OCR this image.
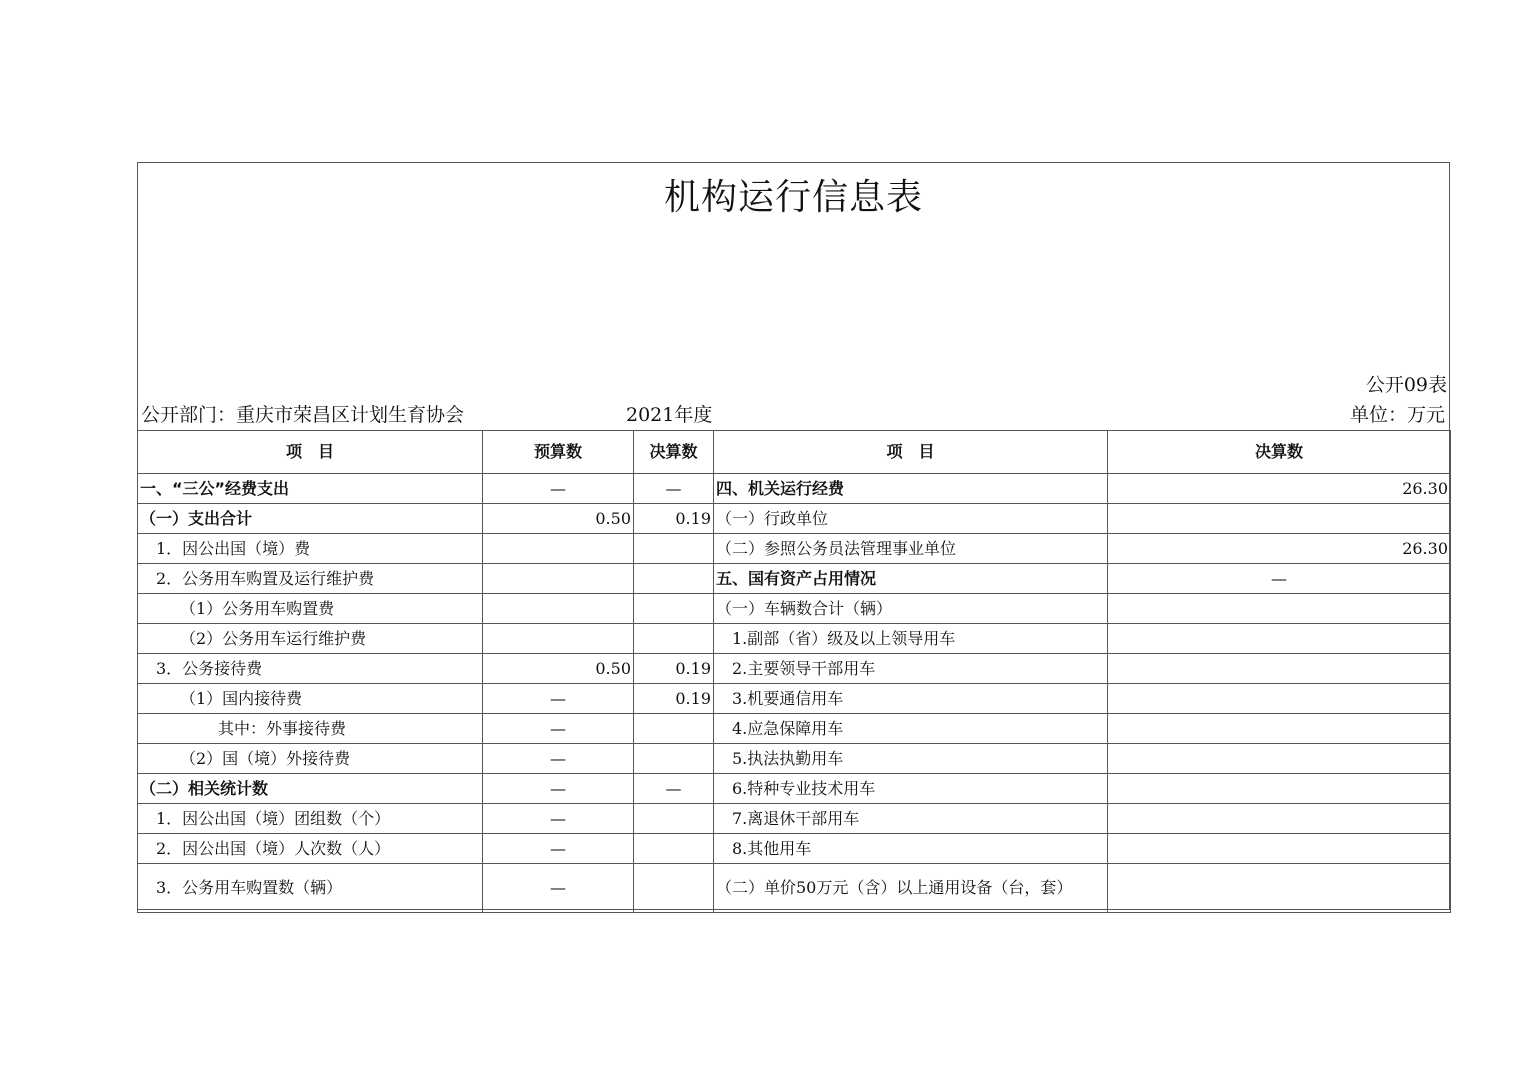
机构运行信息表
公开09表
公开部门：重庆市荣昌区计划生育协会	2021年度	单位：万元
项　目	预算数	决算数	项　目	决算数
一、“三公”经费支出	—	—	四、机关运行经费	26.30
（一）支出合计	0.50	0.19	（一）行政单位	
1．因公出国（境）费			（二）参照公务员法管理事业单位	26.30
2．公务用车购置及运行维护费			五、国有资产占用情况	—
（1）公务用车购置费			（一）车辆数合计（辆）	
（2）公务用车运行维护费			1.副部（省）级及以上领导用车	
3．公务接待费	0.50	0.19	2.主要领导干部用车	
（1）国内接待费	—	0.19	3.机要通信用车	
其中：外事接待费	—		4.应急保障用车	
（2）国（境）外接待费	—		5.执法执勤用车	
（二）相关统计数	—	—	6.特种专业技术用车	
1．因公出国（境）团组数（个）	—		7.离退休干部用车	
2．因公出国（境）人次数（人）	—		8.其他用车	
3．公务用车购置数（辆）	—		（二）单价50万元（含）以上通用设备（台，套）	
